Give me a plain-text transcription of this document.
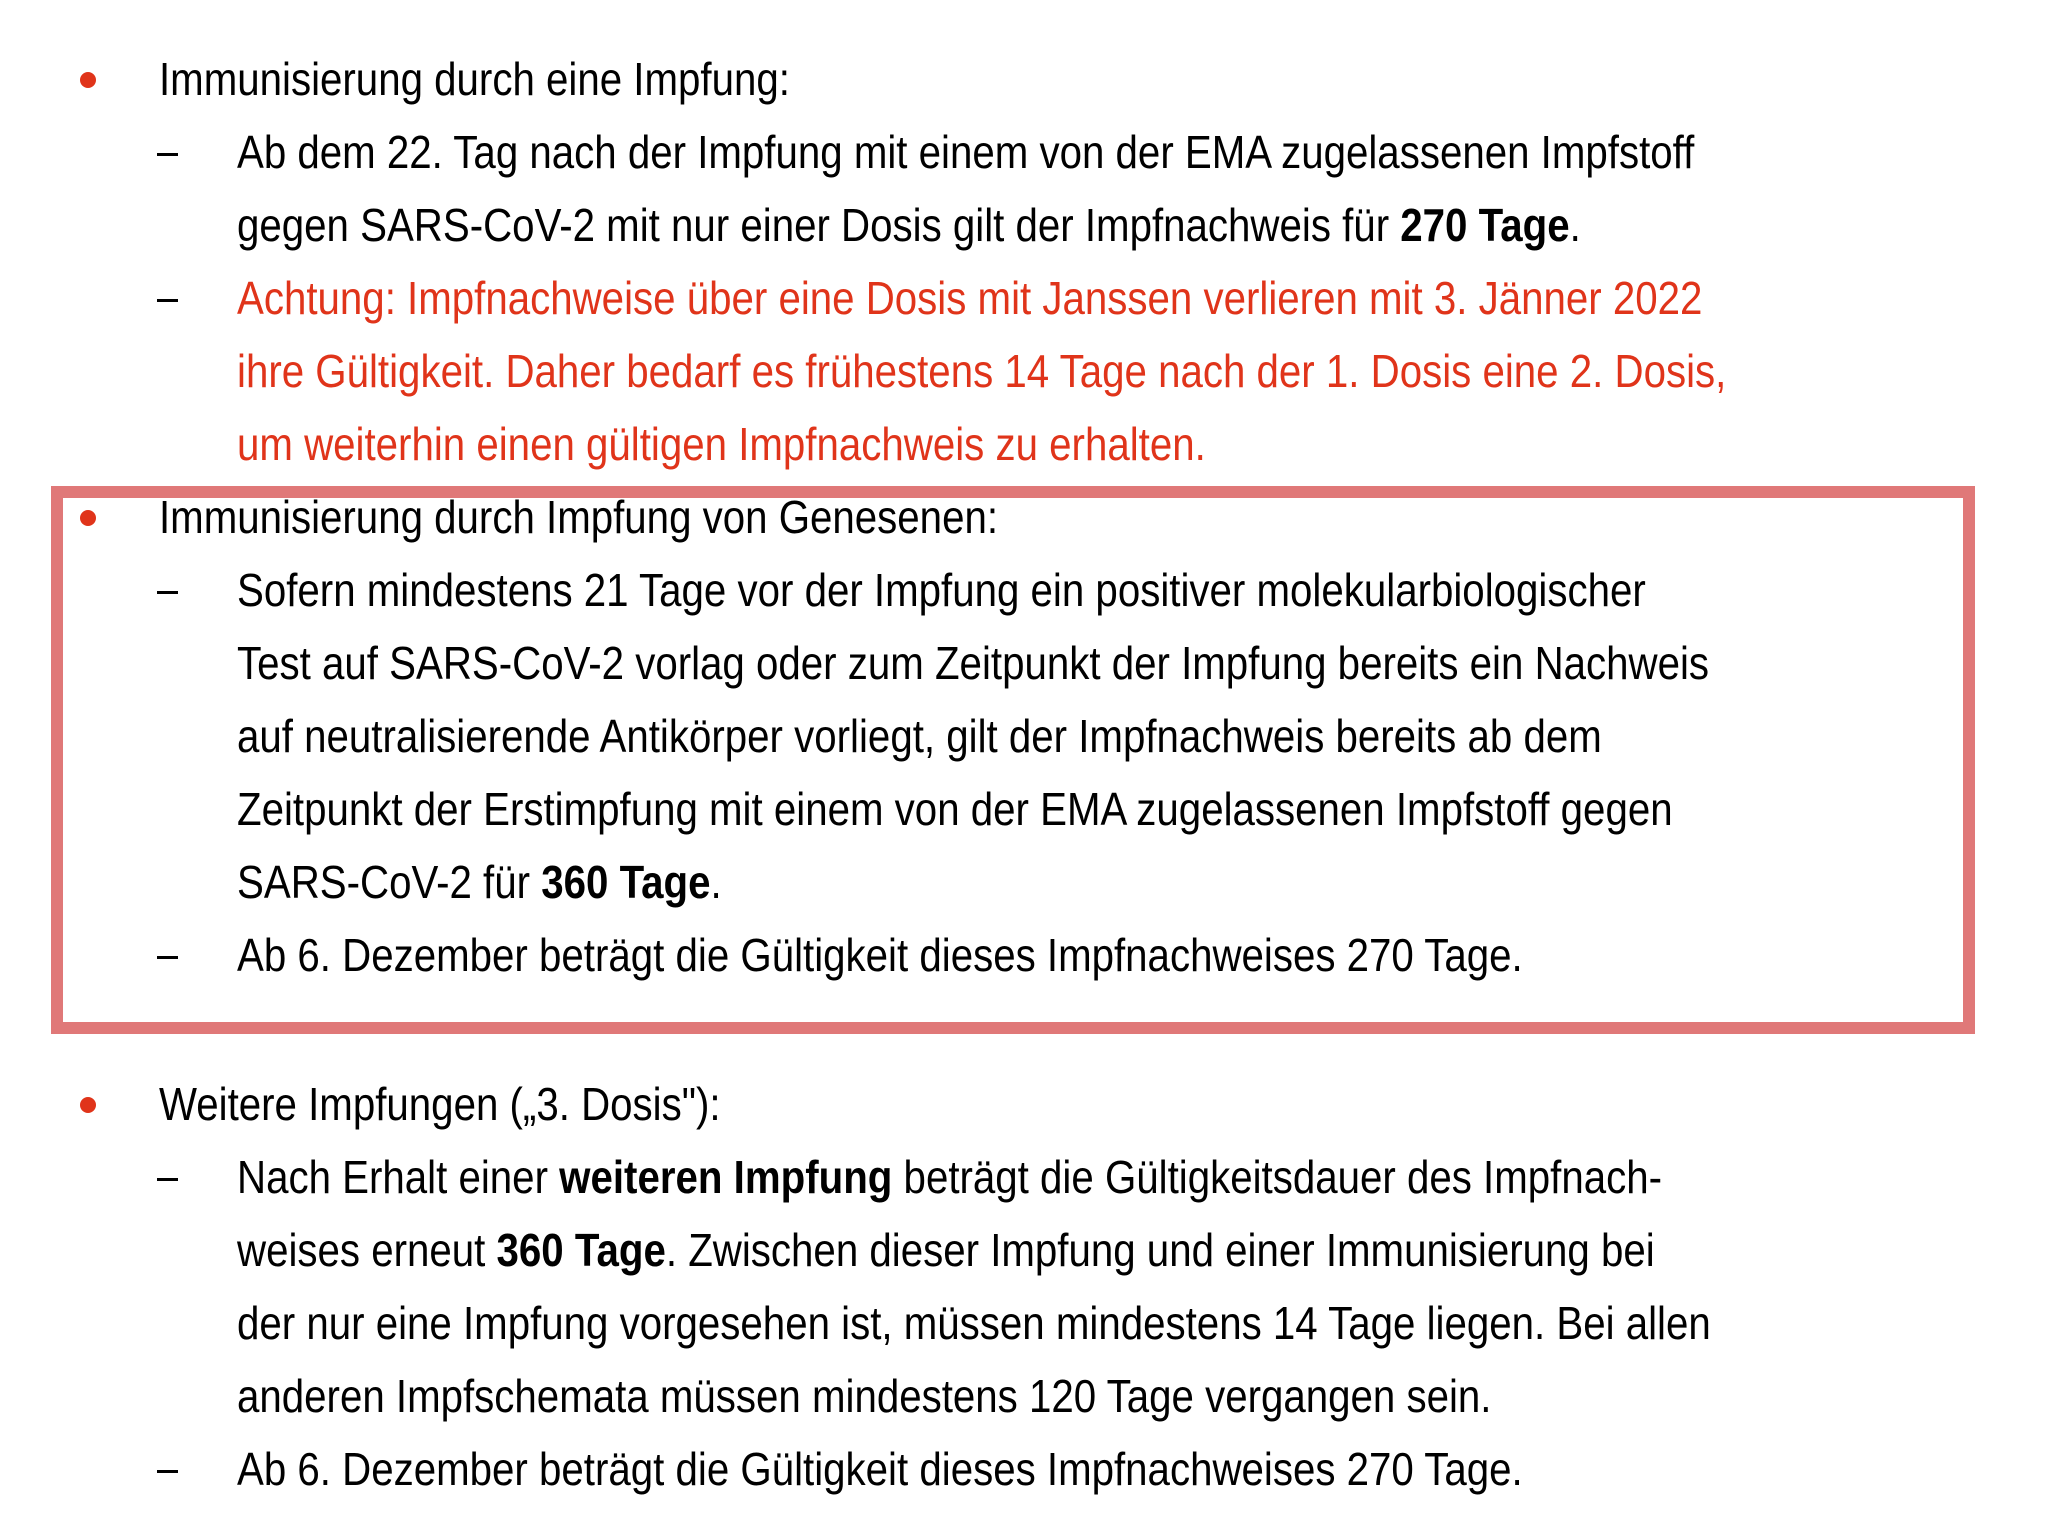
Immunisierung durch eine Impfung:
Ab dem 22. Tag nach der Impfung mit einem von der EMA zugelassenen Impfstoff
gegen SARS-CoV-2 mit nur einer Dosis gilt der Impfnachweis für 270 Tage.
Achtung: Impfnachweise über eine Dosis mit Janssen verlieren mit 3. Jänner 2022
ihre Gültigkeit. Daher bedarf es frühestens 14 Tage nach der 1. Dosis eine 2. Dosis,
um weiterhin einen gültigen Impfnachweis zu erhalten.
Immunisierung durch Impfung von Genesenen:
Sofern mindestens 21 Tage vor der Impfung ein positiver molekularbiologischer
Test auf SARS-CoV-2 vorlag oder zum Zeitpunkt der Impfung bereits ein Nachweis
auf neutralisierende Antikörper vorliegt, gilt der Impfnachweis bereits ab dem
Zeitpunkt der Erstimpfung mit einem von der EMA zugelassenen Impfstoff gegen
SARS-CoV-2 für 360 Tage.
Ab 6. Dezember beträgt die Gültigkeit dieses Impfnachweises 270 Tage.
Weitere Impfungen („3. Dosis"):
Nach Erhalt einer weiteren Impfung beträgt die Gültigkeitsdauer des Impfnach-
weises erneut 360 Tage. Zwischen dieser Impfung und einer Immunisierung bei
der nur eine Impfung vorgesehen ist, müssen mindestens 14 Tage liegen. Bei allen
anderen Impfschemata müssen mindestens 120 Tage vergangen sein.
Ab 6. Dezember beträgt die Gültigkeit dieses Impfnachweises 270 Tage.
